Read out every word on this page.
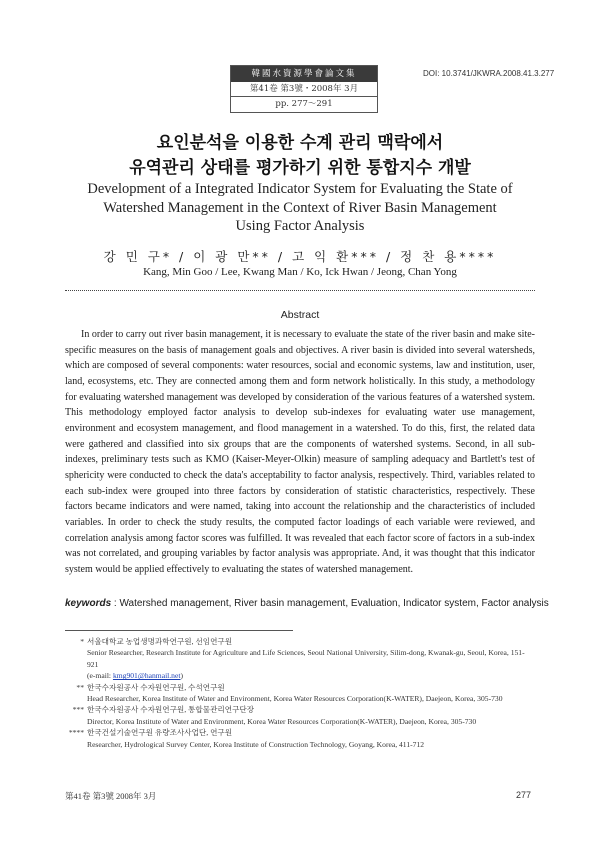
韓國水資源學會論文集
第41卷 第3號・2008年 3月
pp. 277～291
DOI: 10.3741/JKWRA.2008.41.3.277
요인분석을 이용한 수계 관리 맥락에서
유역관리 상태를 평가하기 위한 통합지수 개발
Development of a Integrated Indicator System for Evaluating the State of
Watershed Management in the Context of River Basin Management
Using Factor Analysis
강 민 구* / 이 광 만** / 고 익 환*** / 정 찬 용****
Kang, Min Goo / Lee, Kwang Man / Ko, Ick Hwan / Jeong, Chan Yong
Abstract

In order to carry out river basin management, it is necessary to evaluate the state of the river basin and make site-specific measures on the basis of management goals and objectives. A river basin is divided into several watersheds, which are composed of several components: water resources, social and economic systems, law and institution, user, land, ecosystems, etc. They are connected among them and form network holistically. In this study, a methodology for evaluating watershed management was developed by consideration of the various features of a watershed system. This methodology employed factor analysis to develop sub-indexes for evaluating water use management, environment and ecosystem management, and flood management in a watershed. To do this, first, the related data were gathered and classified into six groups that are the components of watershed systems. Second, in all sub-indexes, preliminary tests such as KMO (Kaiser-Meyer-Olkin) measure of sampling adequacy and Bartlett's test of sphericity were conducted to check the data's acceptability to factor analysis, respectively. Third, variables related to each sub-index were grouped into three factors by consideration of statistic characteristics, respectively. These factors became indicators and were named, taking into account the relationship and the characteristics of included variables. In order to check the study results, the computed factor loadings of each variable were reviewed, and correlation analysis among factor scores was fulfilled. It was revealed that each factor score of factors in a sub-index was not correlated, and grouping variables by factor analysis was appropriate. And, it was thought that this indicator system would be applied effectively to evaluating the states of watershed management.

keywords : Watershed management, River basin management, Evaluation, Indicator system, Factor analysis
* 서울대학교 농업생명과학연구원, 선임연구원
Senior Researcher, Research Institute for Agriculture and Life Sciences, Seoul National University, Silim-dong, Kwanak-gu, Seoul, Korea, 151-921
(e-mail: kmg901@hanmail.net)
** 한국수자원공사 수자원연구원, 수석연구원
Head Researcher, Korea Institute of Water and Environment, Korea Water Resources Corporation(K-WATER), Daejeon, Korea, 305-730
*** 한국수자원공사 수자원연구원, 통합물관리연구단장
Director, Korea Institute of Water and Environment, Korea Water Resources Corporation(K-WATER), Daejeon, Korea, 305-730
**** 한국건설기술연구원 유량조사사업단, 연구원
Researcher, Hydrological Survey Center, Korea Institute of Construction Technology, Goyang, Korea, 411-712
第41卷 第3號 2008年 3月	277
